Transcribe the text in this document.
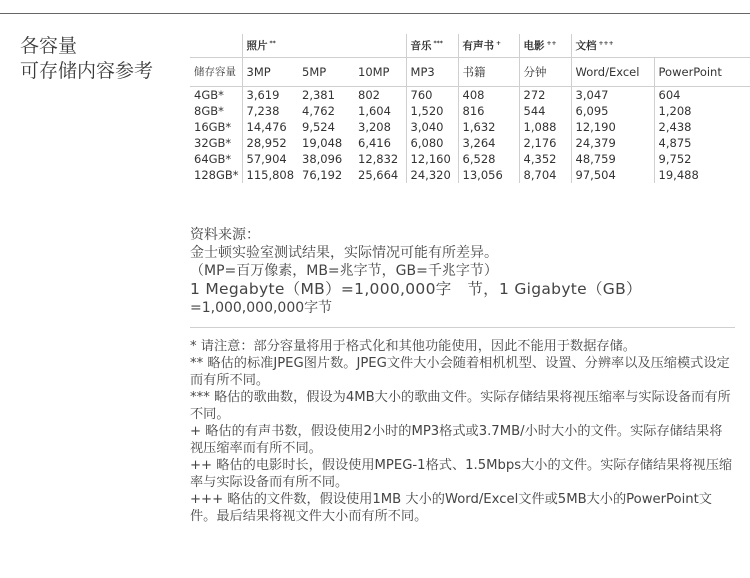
各容量
可存储内容参考
	照片 **			音乐 ***	有声书 +	电影 ++	文档 +++
储存容量	3MP	5MP	10MP	MP3	书籍	分钟	Word/Excel	PowerPoint
4GB*	3,619	2,381	802	760	408	272	3,047	604
8GB*	7,238	4,762	1,604	1,520	816	544	6,095	1,208
16GB*	14,476	9,524	3,208	3,040	1,632	1,088	12,190	2,438
32GB*	28,952	19,048	6,416	6,080	3,264	2,176	24,379	4,875
64GB*	57,904	38,096	12,832	12,160	6,528	4,352	48,759	9,752
128GB*	115,808	76,192	25,664	24,320	13,056	8,704	97,504	19,488
资料来源：
金士顿实验室测试结果，实际情况可能有所差异。
（MP=百万像素，MB=兆字节，GB=千兆字节）
1 Megabyte（MB）=1,000,000字　节，1 Gigabyte（GB）
=1,000,000,000字节
* 请注意：部分容量将用于格式化和其他功能使用，因此不能用于数据存储。
** 略估的标准JPEG图片数。JPEG文件大小会随着相机机型、设置、分辨率以及压缩模式设定而有所不同。
*** 略估的歌曲数，假设为4MB大小的歌曲文件。实际存储结果将视压缩率与实际设备而有所不同。
+ 略估的有声书数，假设使用2小时的MP3格式或3.7MB/小时大小的文件。实际存储结果将视压缩率而有所不同。
++ 略估的电影时长，假设使用MPEG-1格式、1.5Mbps大小的文件。实际存储结果将视压缩率与实际设备而有所不同。
+++ 略估的文件数，假设使用1MB 大小的Word/Excel文件或5MB大小的PowerPoint文件。最后结果将视文件大小而有所不同。
